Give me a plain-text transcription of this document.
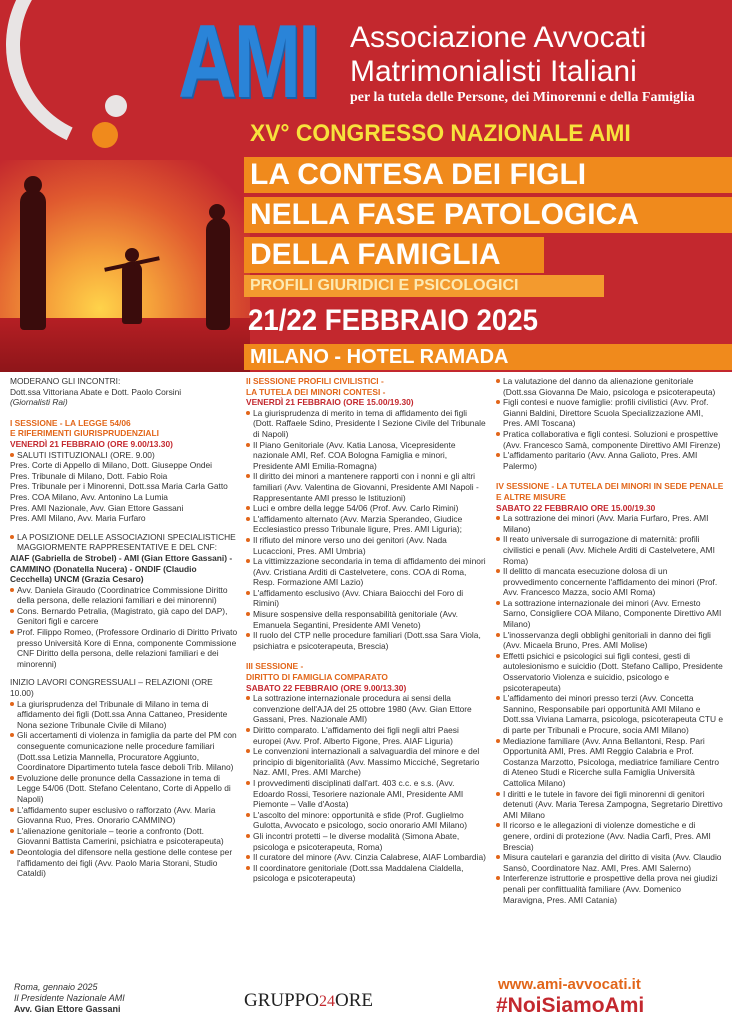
AMI Associazione Avvocati
Matrimonialisti Italiani
per la tutela delle Persone, dei Minorenni e della Famiglia
XV° CONGRESSO NAZIONALE AMI
LA CONTESA DEI FIGLI
NELLA FASE PATOLOGICA
DELLA FAMIGLIA
PROFILI GIURIDICI E PSICOLOGICI
21/22 FEBBRAIO 2025
MILANO - HOTEL RAMADA
MODERANO GLI INCONTRI:
Dott.ssa Vittoriana Abate e Dott. Paolo Corsini
(Giornalisti Rai)
I SESSIONE - LA LEGGE 54/06
E RIFERIMENTI GIURISPRUDENZIALI
VENERDÌ 21 FEBBRAIO (ORE 9.00/13.30)
SALUTI ISTITUZIONALI (ORE. 9.00)
Pres. Corte di Appello di Milano, Dott. Giuseppe Ondei
Pres. Tribunale di Milano, Dott. Fabio Roia
Pres. Tribunale per i Minorenni, Dott.ssa Maria Carla Gatto
Pres. COA Milano, Avv. Antonino La Lumia
Pres. AMI Nazionale, Avv. Gian Ettore Gassani
Pres. AMI Milano, Avv. Maria Furfaro
LA POSIZIONE DELLE ASSOCIAZIONI SPECIALISTICHE MAGGIORMENTE RAPPRESENTATIVE E DEL CNF:
AIAF (Gabriella de Strobel) - AMI (Gian Ettore Gassani) - CAMMINO (Donatella Nucera) - ONDIF (Claudio Cecchella) UNCM (Grazia Cesaro)
Avv. Daniela Giraudo (Coordinatrice Commissione Diritto della persona, delle relazioni familiari e dei minorenni)
Cons. Bernardo Petralia, (Magistrato, già capo del DAP), Genitori figli e carcere
Prof. Filippo Romeo, (Professore Ordinario di Diritto Privato presso Università Kore di Enna, componente Commissione CNF Diritto della persona, delle relazioni familiari e dei minorenni)
INIZIO LAVORI CONGRESSUALI – RELAZIONI (ORE 10.00)
La giurisprudenza del Tribunale di Milano in tema di affidamento dei figli (Dott.ssa Anna Cattaneo, Presidente Nona sezione Tribunale Civile di Milano)
Gli accertamenti di violenza in famiglia da parte del PM con conseguente comunicazione nelle procedure familiari (Dott.ssa Letizia Mannella, Procuratore Aggiunto, Coordinatore Dipartimento tutela fasce deboli Trib. Milano)
Evoluzione delle pronunce della Cassazione in tema di Legge 54/06 (Dott. Stefano Celentano, Corte di Appello di Napoli)
L'affidamento super esclusivo o rafforzato (Avv. Maria Giovanna Ruo, Pres. Onorario CAMMINO)
L'alienazione genitoriale – teorie a confronto (Dott. Giovanni Battista Camerini, psichiatra e psicoterapeuta)
Deontologia del difensore nella gestione delle contese per l'affidamento dei figli (Avv. Paolo Maria Storani, Studio Cataldi)
II SESSIONE PROFILI CIVILISTICI -
LA TUTELA DEI MINORI CONTESI -
VENERDÌ 21 FEBBRAIO (ORE 15.00/19.30)
La giurisprudenza di merito in tema di affidamento dei figli (Dott. Raffaele Sdino, Presidente I Sezione Civile del Tribunale di Napoli)
Il Piano Genitoriale (Avv. Katia Lanosa, Vicepresidente nazionale AMI, Ref. COA Bologna Famiglia e minori, Presidente AMI Emilia-Romagna)
Il diritto dei minori a mantenere rapporti con i nonni e gli altri familiari (Avv. Valentina de Giovanni, Presidente AMI Napoli - Rappresentante AMI presso le Istituzioni)
Luci e ombre della legge 54/06 (Prof. Avv. Carlo Rimini)
L'affidamento alternato (Avv. Marzia Sperandeo, Giudice Ecclesiastico presso Tribunale ligure, Pres. AMI Liguria);
Il rifiuto del minore verso uno dei genitori (Avv. Nada Lucaccioni, Pres. AMI Umbria)
La vittimizzazione secondaria in tema di affidamento dei minori (Avv. Cristiana Arditi di Castelvetere, cons. COA di Roma, Resp. Formazione AMI Lazio)
L'affidamento esclusivo (Avv. Chiara Baiocchi del Foro di Rimini)
Misure sospensive della responsabilità genitoriale (Avv. Emanuela Segantini, Presidente AMI Veneto)
Il ruolo del CTP nelle procedure familiari (Dott.ssa Sara Viola, psichiatra e psicoterapeuta, Brescia)
III SESSIONE -
DIRITTO DI FAMIGLIA COMPARATO
SABATO 22 FEBBRAIO (ORE 9.00/13.30)
La sottrazione internazionale procedura ai sensi della convenzione dell'AJA del 25 ottobre 1980 (Avv. Gian Ettore Gassani, Pres. Nazionale AMI)
Diritto comparato. L'affidamento dei figli negli altri Paesi europei (Avv. Prof. Alberto Figone, Pres. AIAF Liguria)
Le convenzioni internazionali a salvaguardia del minore e del principio di bigenitorialità (Avv. Massimo Micciché, Segretario Naz. AMI, Pres. AMI Marche)
I provvedimenti disciplinati dall'art. 403 c.c. e s.s. (Avv. Edoardo Rossi, Tesoriere nazionale AMI, Presidente AMI Piemonte – Valle d'Aosta)
L'ascolto del minore: opportunità e sfide (Prof. Guglielmo Gulotta, Avvocato e psicologo, socio onorario AMI Milano)
Gli incontri protetti – le diverse modalità (Simona Abate, psicologa e psicoterapeuta, Roma)
Il curatore del minore (Avv. Cinzia Calabrese, AIAF Lombardia)
Il coordinatore genitoriale (Dott.ssa Maddalena Cialdella, psicologa e psicoterapeuta)
La valutazione del danno da alienazione genitoriale (Dott.ssa Giovanna De Maio, psicologa e psicoterapeuta)
Figli contesi e nuove famiglie: profili civilistici (Avv. Prof. Gianni Baldini, Direttore Scuola Specializzazione AMI, Pres. AMI Toscana)
Pratica collaborativa e figli contesi. Soluzioni e prospettive (Avv. Francesco Samà, componente Direttivo AMI Firenze)
L'affidamento paritario (Avv. Anna Galioto, Pres. AMI Palermo)
IV SESSIONE - LA TUTELA DEI MINORI IN SEDE PENALE
E ALTRE MISURE
SABATO 22 FEBBRAIO ORE 15.00/19.30
La sottrazione dei minori (Avv. Maria Furfaro, Pres. AMI Milano)
Il reato universale di surrogazione di maternità: profili civilistici e penali (Avv. Michele Arditi di Castelvetere, AMI Roma)
Il delitto di mancata esecuzione dolosa di un provvedimento concernente l'affidamento dei minori (Prof. Avv. Francesco Mazza, socio AMI Roma)
La sottrazione internazionale dei minori (Avv. Ernesto Sarno, Consigliere COA Milano, Componente Direttivo AMI Milano)
L'inosservanza degli obblighi genitoriali in danno dei figli (Avv. Micaela Bruno, Pres. AMI Molise)
Effetti psichici e psicologici sui figli contesi, gesti di autolesionismo e suicidio (Dott. Stefano Callipo, Presidente Osservatorio Violenza e suicidio, psicologo e psicoterapeuta)
L'affidamento dei minori presso terzi (Avv. Concetta Sannino, Responsabile pari opportunità AMI Milano e Dott.ssa Viviana Lamarra, psicologa, psicoterapeuta CTU e di parte per Tribunali e Procure, socia AMI Milano)
Mediazione familiare (Avv. Anna Bellantoni, Resp. Pari Opportunità AMI, Pres. AMI Reggio Calabria e Prof. Costanza Marzotto, Psicologa, mediatrice familiare Centro di Ateneo Studi e Ricerche sulla Famiglia Università Cattolica Milano)
I diritti e le tutele in favore dei figli minorenni di genitori detenuti (Avv. Maria Teresa Zampogna, Segretario Direttivo AMI Milano
Il ricorso e le allegazioni di violenze domestiche e di genere, ordini di protezione (Avv. Nadia Carfì, Pres. AMI Brescia)
Misura cautelari e garanzia del diritto di visita (Avv. Claudio Sansò, Coordinatore Naz. AMI, Pres. AMI Salerno)
Interferenze istruttorie e prospettive della prova nei giudizi penali per conflittualità familiare (Avv. Domenico Maravigna, Pres. AMI Catania)
Roma, gennaio 2025
Il Presidente Nazionale AMI
Avv. Gian Ettore Gassani	GRUPPO24ORE
www.ami-avvocati.it
#NoiSiamoAmi
